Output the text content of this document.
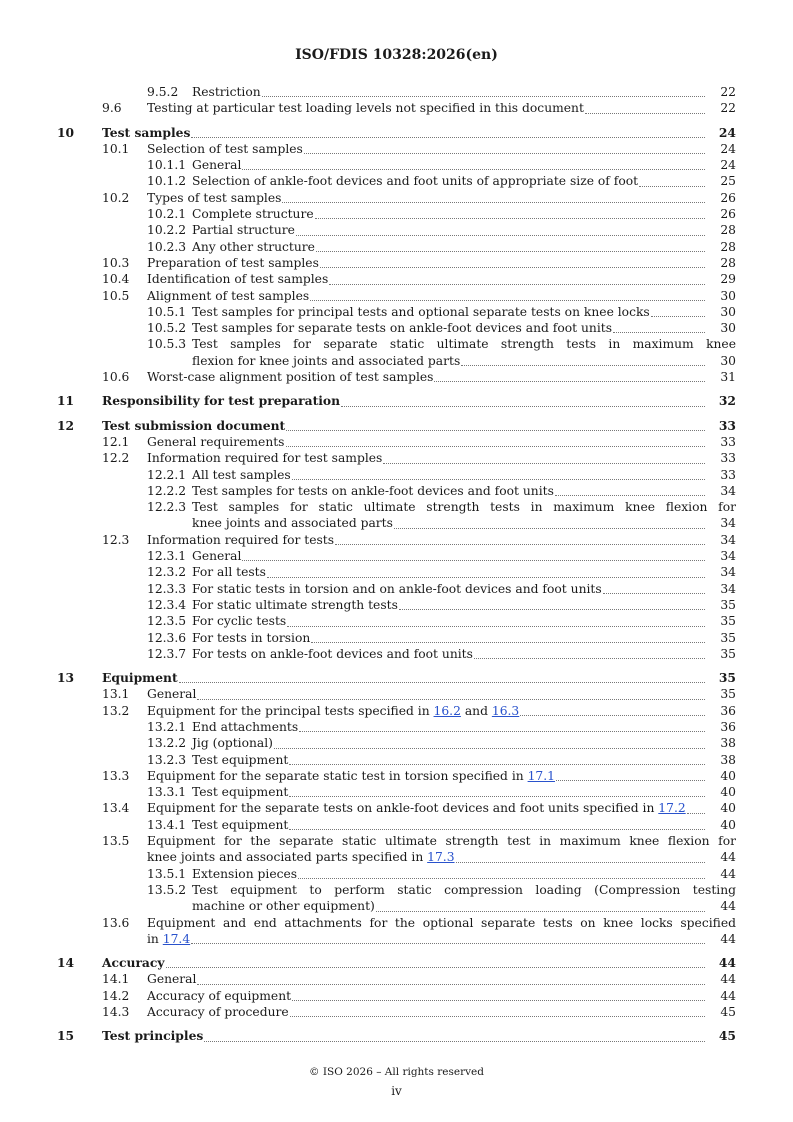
ISO/FDIS 10328:2026(en)
9.5.2 Restriction	22
9.6 Testing at particular test loading levels not specified in this document	22
10 Test samples	24
10.1 Selection of test samples	24
10.1.1 General	24
10.1.2 Selection of ankle-foot devices and foot units of appropriate size of foot	25
10.2 Types of test samples	26
10.2.1 Complete structure	26
10.2.2 Partial structure	28
10.2.3 Any other structure	28
10.3 Preparation of test samples	28
10.4 Identification of test samples	29
10.5 Alignment of test samples	30
10.5.1 Test samples for principal tests and optional separate tests on knee locks	30
10.5.2 Test samples for separate tests on ankle-foot devices and foot units	30
10.5.3 Test samples for separate static ultimate strength tests in maximum knee
flexion for knee joints and associated parts	30
10.6 Worst-case alignment position of test samples	31
11 Responsibility for test preparation	32
12 Test submission document	33
12.1 General requirements	33
12.2 Information required for test samples	33
12.2.1 All test samples	33
12.2.2 Test samples for tests on ankle-foot devices and foot units	34
12.2.3 Test samples for static ultimate strength tests in maximum knee flexion for
knee joints and associated parts	34
12.3 Information required for tests	34
12.3.1 General	34
12.3.2 For all tests	34
12.3.3 For static tests in torsion and on ankle-foot devices and foot units	34
12.3.4 For static ultimate strength tests	35
12.3.5 For cyclic tests	35
12.3.6 For tests in torsion	35
12.3.7 For tests on ankle-foot devices and foot units	35
13 Equipment	35
13.1 General	35
13.2 Equipment for the principal tests specified in 16.2 and 16.3	36
13.2.1 End attachments	36
13.2.2 Jig (optional)	38
13.2.3 Test equipment	38
13.3 Equipment for the separate static test in torsion specified in 17.1	40
13.3.1 Test equipment	40
13.4 Equipment for the separate tests on ankle-foot devices and foot units specified in 17.2	40
13.4.1 Test equipment	40
13.5 Equipment for the separate static ultimate strength test in maximum knee flexion for
knee joints and associated parts specified in 17.3	44
13.5.1 Extension pieces	44
13.5.2 Test equipment to perform static compression loading (Compression testing
machine or other equipment)	44
13.6 Equipment and end attachments for the optional separate tests on knee locks specified
in 17.4	44
14 Accuracy	44
14.1 General	44
14.2 Accuracy of equipment	44
14.3 Accuracy of procedure	45
15 Test principles	45
© ISO 2026 – All rights reserved
iv
